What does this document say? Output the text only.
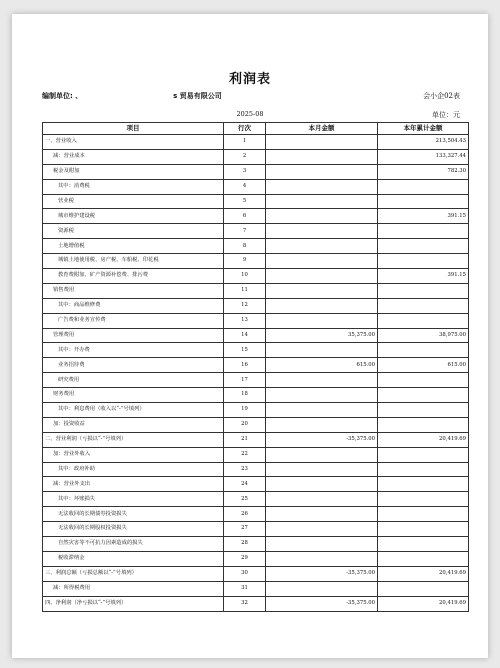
利润表
编制单位: 、	s 贸易有限公司	会小企02表
2025-08	单位：元
项目	行次	本月金额	本年累计金额
一、营业收入	1		213,504.43
减：营业成本	2		133,327.44
税金及附加	3		782.30
其中：消费税	4		
营业税	5		
城市维护建设税	6		391.15
资源税	7		
土地增值税	8		
城镇土地使用税、房产税、车船税、印花税	9		
教育费附加、矿产资源补偿费、排污费	10		391.15
销售费用	11		
其中：商品维修费	12		
广告费和业务宣传费	13		
管理费用	14	35,375.00	38,975.00
其中：开办费	15		
业务招待费	16	615.00	615.00
研究费用	17		
财务费用	18		
其中：利息费用（收入以“-”号填列）	19		
加：投资收益	20		
二、营业利润（亏损以“-”号填列）	21	-35,375.00	20,419.69
加：营业外收入	22		
其中：政府补助	23		
减：营业外支出	24		
其中：坏账损失	25		
无法收回的长期债券投资损失	26		
无法收回的长期股权投资损失	27		
自然灾害等不可抗力因素造成的损失	28		
税收滞纳金	29		
三、利润总额（亏损总额以“-”号填列）	30	-35,375.00	20,419.69
减：所得税费用	31		
四、净利润（净亏损以“-”号填列）	32	-35,375.00	20,419.69
